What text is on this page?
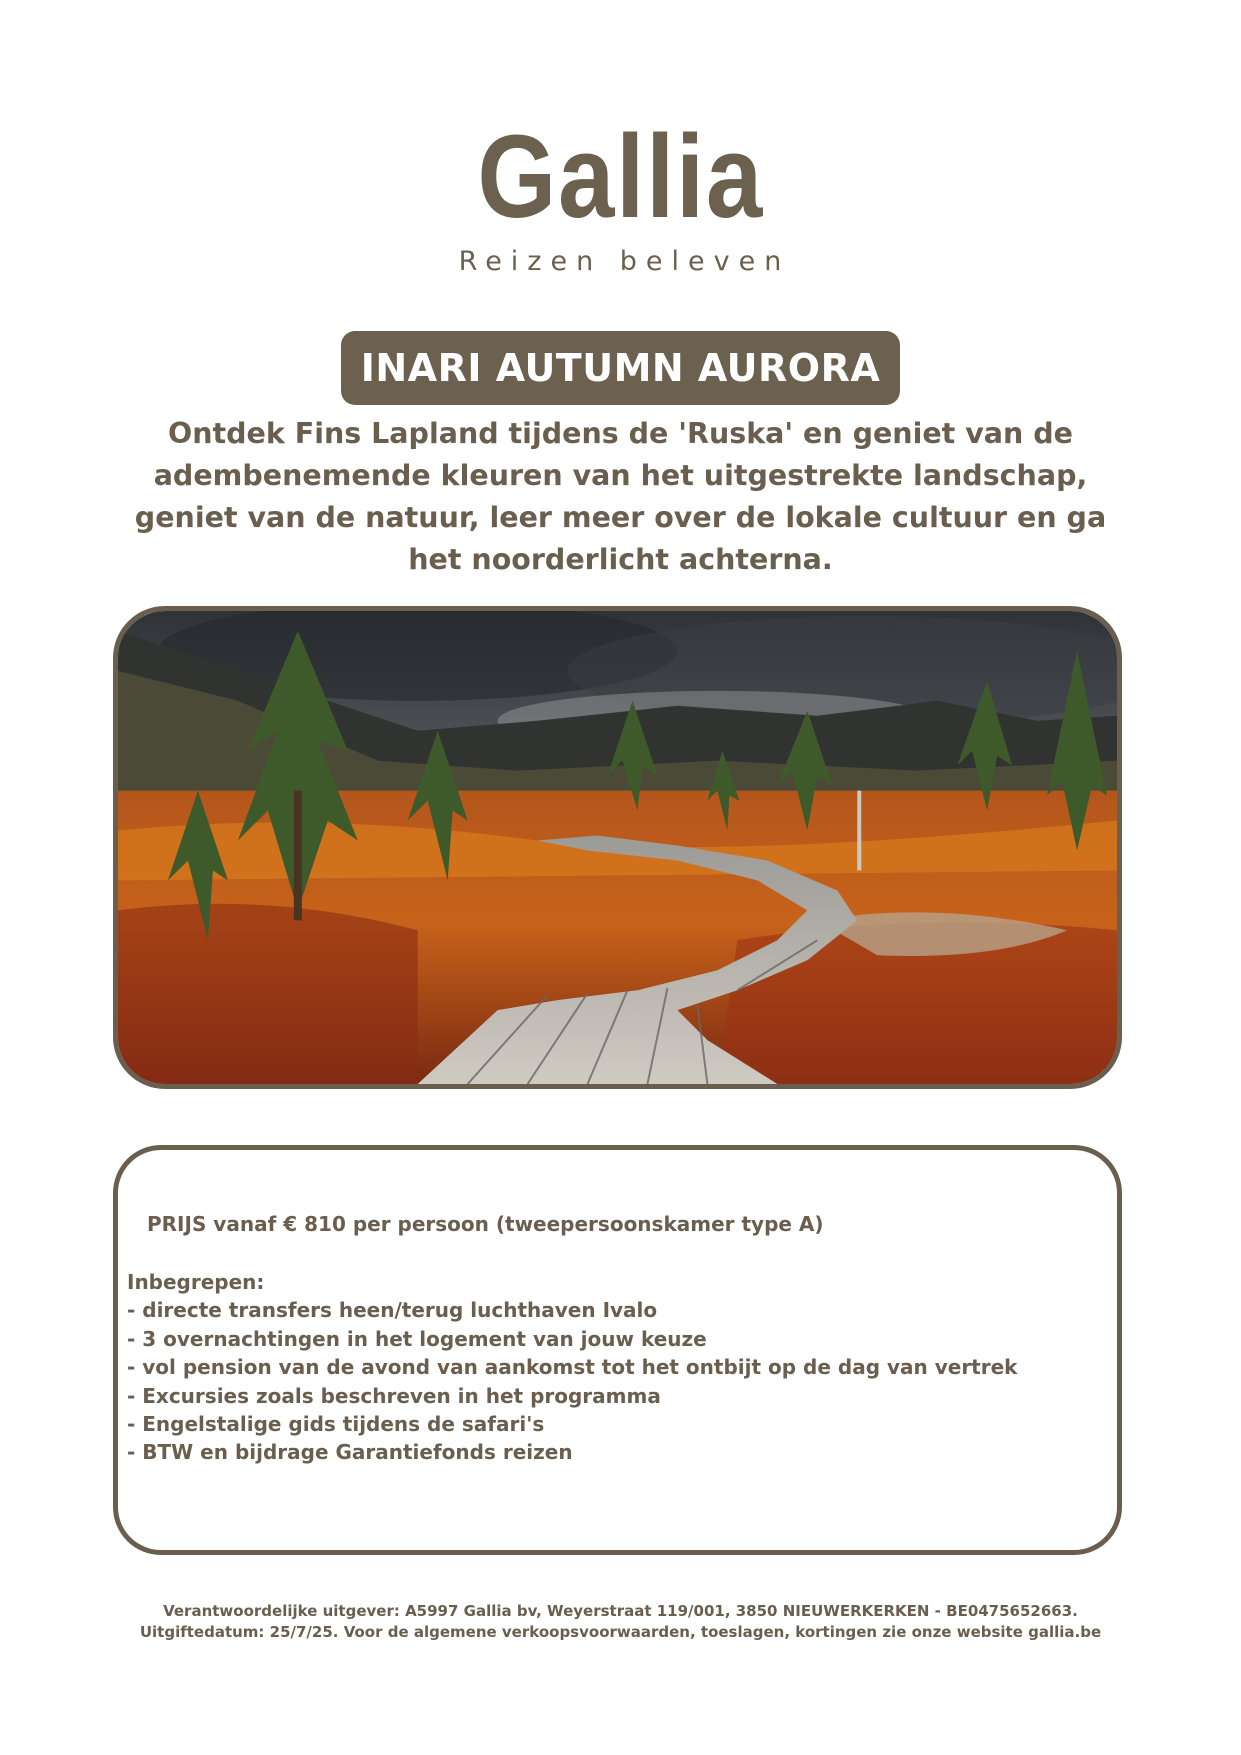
Gallia
Reizen beleven
INARI AUTUMN AURORA
Ontdek Fins Lapland tijdens de 'Ruska' en geniet van de adembenemende kleuren van het uitgestrekte landschap, geniet van de natuur, leer meer over de lokale cultuur en ga het noorderlicht achterna.
PRIJS vanaf € 810 per persoon (tweepersoonskamer type A)
Inbegrepen:
- directe transfers heen/terug luchthaven Ivalo
- 3 overnachtingen in het logement van jouw keuze
- vol pension van de avond van aankomst tot het ontbijt op de dag van vertrek
- Excursies zoals beschreven in het programma
- Engelstalige gids tijdens de safari's
- BTW en bijdrage Garantiefonds reizen
Verantwoordelijke uitgever: A5997 Gallia bv, Weyerstraat 119/001, 3850 NIEUWERKERKEN - BE0475652663.
Uitgiftedatum: 25/7/25. Voor de algemene verkoopsvoorwaarden, toeslagen, kortingen zie onze website gallia.be
